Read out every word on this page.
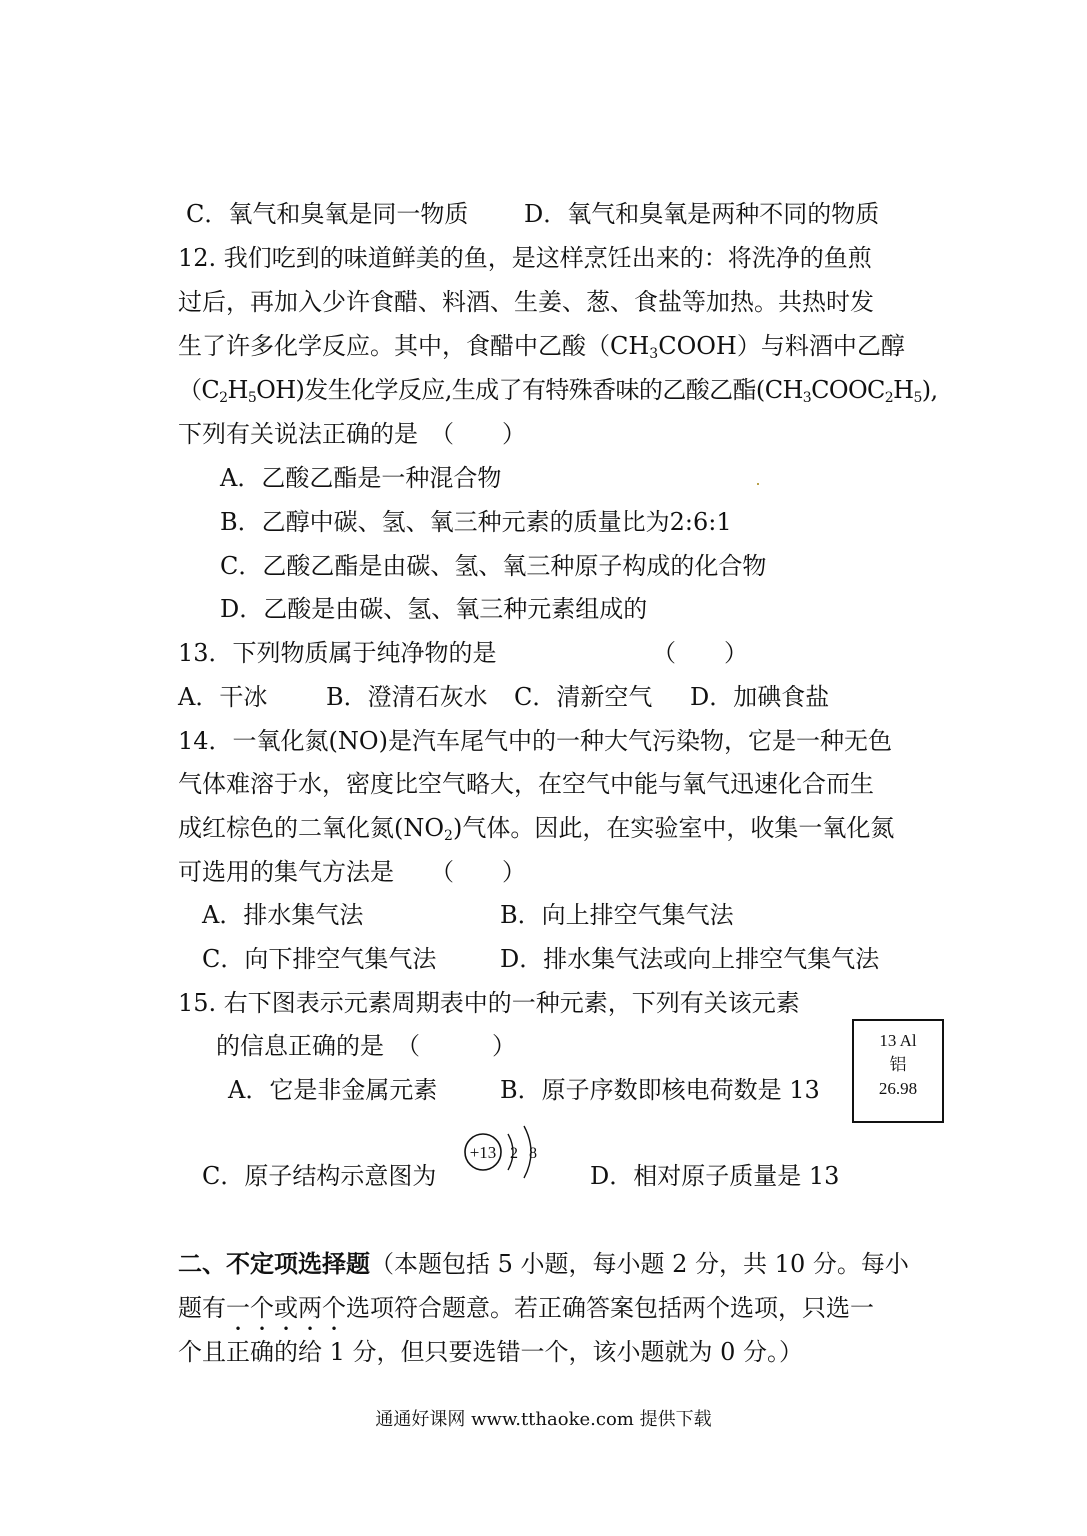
C．氧气和臭氧是同一物质 D．氧气和臭氧是两种不同的物质
12. 我们吃到的味道鲜美的鱼，是这样烹饪出来的：将洗净的鱼煎
过后，再加入少许食醋、料酒、生姜、葱、食盐等加热。共热时发
生了许多化学反应。其中，食醋中乙酸$(CH_3COOH)$与料酒中乙醇
$(C_2H_5OH)$发生化学反应,生成了有特殊香味的乙酸乙酯$(CH_3COOC_2H_5)$,
下列有关说法正确的是　（　　）
A．乙酸乙酯是一种混合物
B．乙醇中碳、氢、氧三种元素的质量比为2:6:1
C．乙酸乙酯是由碳、氢、氧三种原子构成的化合物
D．乙酸是由碳、氢、氧三种元素组成的
13．下列物质属于纯净物的是	（　　）
A．干冰 B．澄清石灰水 C．清新空气 D．加碘食盐
14．一氧化氮(NO)是汽车尾气中的一种大气污染物，它是一种无色
气体难溶于水，密度比空气略大，在空气中能与氧气迅速化合而生
成红棕色的二氧化氮$(NO_2)$气体。因此，在实验室中，收集一氧化氮
可选用的集气方法是　　（　　）
A．排水集气法	B．向上排空气集气法
C．向下排空气集气法	D．排水集气法或向上排空气集气法
15. 右下图表示元素周期表中的一种元素，下列有关该元素
的信息正确的是　（　　　）
A．它是非金属元素	B．原子序数即核电荷数是 13
13 Al
铝
26.98
C．原子结构示意图为
+13 2 8
D．相对原子质量是 13
二、不定项选择题（本题包括 5 小题，每小题 2 分，共 10 分。每小
题有一个或两个选项符合题意。若正确答案包括两个选项，只选一
个且正确的给 1 分，但只要选错一个，该小题就为 0 分。）
通通好课网 www.tthaoke.com 提供下载
